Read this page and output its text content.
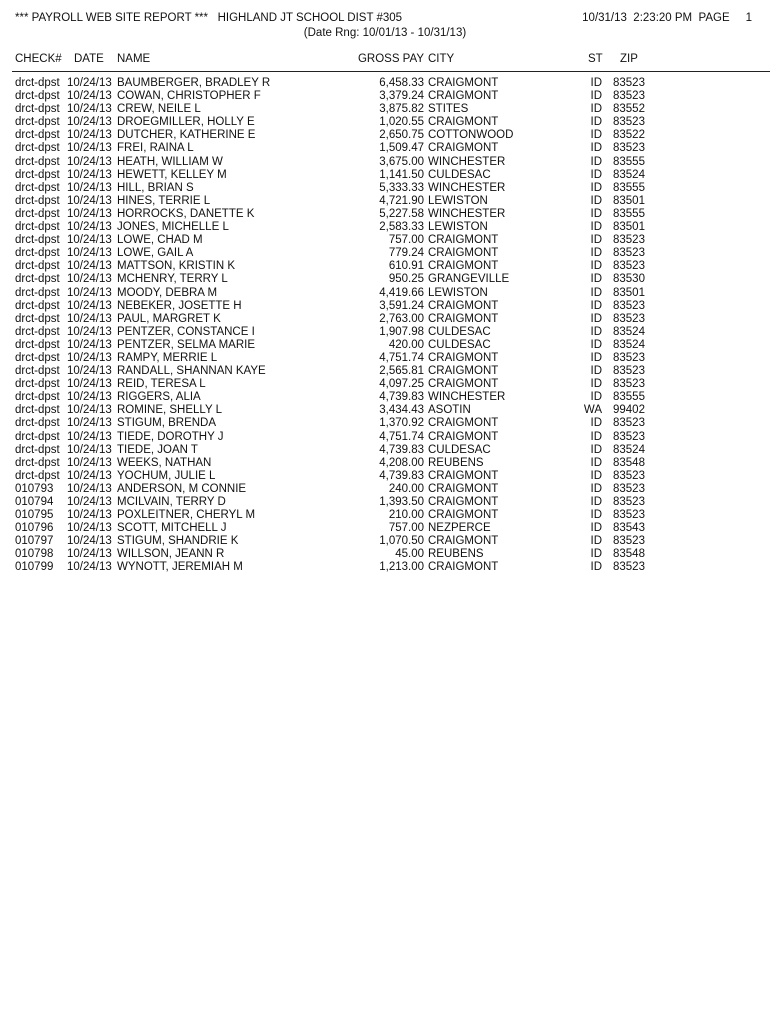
*** PAYROLL WEB SITE REPORT ***   HIGHLAND JT SCHOOL DIST #305	10/31/13  2:23:20 PM  PAGE     1
(Date Rng: 10/01/13 - 10/31/13)
CHECK# DATE NAME	GROSS PAY CITY	ST ZIP
drct-dpst 10/24/13 BAUMBERGER, BRADLEY R	6,458.33 CRAIGMONT	ID 83523
drct-dpst 10/24/13 COWAN, CHRISTOPHER F	3,379.24 CRAIGMONT	ID 83523
drct-dpst 10/24/13 CREW, NEILE L	3,875.82 STITES	ID 83552
drct-dpst 10/24/13 DROEGMILLER, HOLLY E	1,020.55 CRAIGMONT	ID 83523
drct-dpst 10/24/13 DUTCHER, KATHERINE E	2,650.75 COTTONWOOD	ID 83522
drct-dpst 10/24/13 FREI, RAINA L	1,509.47 CRAIGMONT	ID 83523
drct-dpst 10/24/13 HEATH, WILLIAM W	3,675.00 WINCHESTER	ID 83555
drct-dpst 10/24/13 HEWETT, KELLEY M	1,141.50 CULDESAC	ID 83524
drct-dpst 10/24/13 HILL, BRIAN S	5,333.33 WINCHESTER	ID 83555
drct-dpst 10/24/13 HINES, TERRIE L	4,721.90 LEWISTON	ID 83501
drct-dpst 10/24/13 HORROCKS, DANETTE K	5,227.58 WINCHESTER	ID 83555
drct-dpst 10/24/13 JONES, MICHELLE L	2,583.33 LEWISTON	ID 83501
drct-dpst 10/24/13 LOWE, CHAD M	757.00 CRAIGMONT	ID 83523
drct-dpst 10/24/13 LOWE, GAIL A	779.24 CRAIGMONT	ID 83523
drct-dpst 10/24/13 MATTSON, KRISTIN K	610.91 CRAIGMONT	ID 83523
drct-dpst 10/24/13 MCHENRY, TERRY L	950.25 GRANGEVILLE	ID 83530
drct-dpst 10/24/13 MOODY, DEBRA M	4,419.66 LEWISTON	ID 83501
drct-dpst 10/24/13 NEBEKER, JOSETTE H	3,591.24 CRAIGMONT	ID 83523
drct-dpst 10/24/13 PAUL, MARGRET K	2,763.00 CRAIGMONT	ID 83523
drct-dpst 10/24/13 PENTZER, CONSTANCE I	1,907.98 CULDESAC	ID 83524
drct-dpst 10/24/13 PENTZER, SELMA MARIE	420.00 CULDESAC	ID 83524
drct-dpst 10/24/13 RAMPY, MERRIE L	4,751.74 CRAIGMONT	ID 83523
drct-dpst 10/24/13 RANDALL, SHANNAN KAYE	2,565.81 CRAIGMONT	ID 83523
drct-dpst 10/24/13 REID, TERESA L	4,097.25 CRAIGMONT	ID 83523
drct-dpst 10/24/13 RIGGERS, ALIA	4,739.83 WINCHESTER	ID 83555
drct-dpst 10/24/13 ROMINE, SHELLY L	3,434.43 ASOTIN	WA 99402
drct-dpst 10/24/13 STIGUM, BRENDA	1,370.92 CRAIGMONT	ID 83523
drct-dpst 10/24/13 TIEDE, DOROTHY J	4,751.74 CRAIGMONT	ID 83523
drct-dpst 10/24/13 TIEDE, JOAN T	4,739.83 CULDESAC	ID 83524
drct-dpst 10/24/13 WEEKS, NATHAN	4,208.00 REUBENS	ID 83548
drct-dpst 10/24/13 YOCHUM, JULIE L	4,739.83 CRAIGMONT	ID 83523
010793 10/24/13 ANDERSON, M CONNIE	240.00 CRAIGMONT	ID 83523
010794 10/24/13 MCILVAIN, TERRY D	1,393.50 CRAIGMONT	ID 83523
010795 10/24/13 POXLEITNER, CHERYL M	210.00 CRAIGMONT	ID 83523
010796 10/24/13 SCOTT, MITCHELL J	757.00 NEZPERCE	ID 83543
010797 10/24/13 STIGUM, SHANDRIE K	1,070.50 CRAIGMONT	ID 83523
010798 10/24/13 WILLSON, JEANN R	45.00 REUBENS	ID 83548
010799 10/24/13 WYNOTT, JEREMIAH M	1,213.00 CRAIGMONT	ID 83523
